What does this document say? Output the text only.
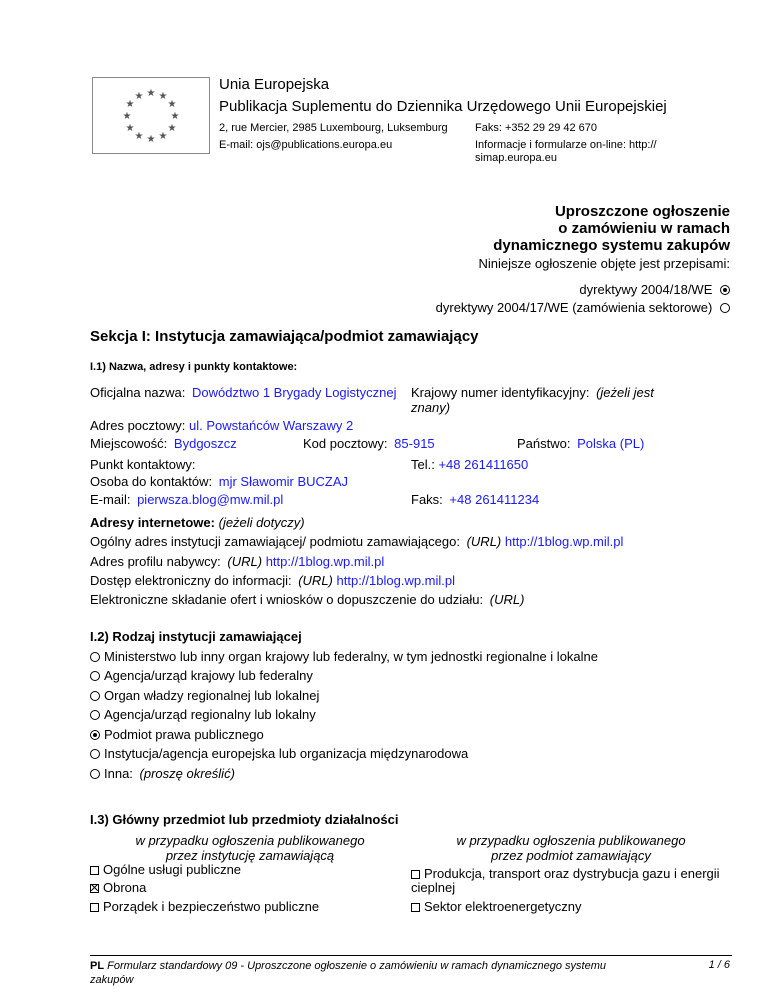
★ ★
★
★
★
★
★
★
★
★
★
★
Unia Europejska
Publikacja Suplementu do Dziennika Urzędowego Unii Europejskiej
2, rue Mercier, 2985 Luxembourg, Luksemburg Faks: +352 29 29 42 670
E-mail: ojs@publications.europa.eu	Informacje i formularze on-line: http://
simap.europa.eu
Uproszczone ogłoszenie
o zamówieniu w ramach
dynamicznego systemu zakupów
Niniejsze ogłoszenie objęte jest przepisami:
dyrektywy 2004/18/WE
dyrektywy 2004/17/WE (zamówienia sektorowe)
Sekcja I: Instytucja zamawiająca/podmiot zamawiający
I.1) Nazwa, adresy i punkty kontaktowe:
Oficjalna nazwa: Dowództwo 1 Brygady Logistycznej Krajowy numer identyfikacyjny: (jeżeli jest
znany)
Adres pocztowy: ul. Powstańców Warszawy 2
Miejscowość: Bydgoszcz	Kod pocztowy: 85-915	Państwo: Polska (PL)
Punkt kontaktowy:	Tel.: +48 261411650
Osoba do kontaktów: mjr Sławomir BUCZAJ
E-mail: pierwsza.blog@mw.mil.pl	Faks: +48 261411234
Adresy internetowe: (jeżeli dotyczy)
Ogólny adres instytucji zamawiającej/ podmiotu zamawiającego: (URL) http://1blog.wp.mil.pl
Adres profilu nabywcy: (URL) http://1blog.wp.mil.pl
Dostęp elektroniczny do informacji: (URL) http://1blog.wp.mil.pl
Elektroniczne składanie ofert i wniosków o dopuszczenie do udziału: (URL)
I.2) Rodzaj instytucji zamawiającej
Ministerstwo lub inny organ krajowy lub federalny, w tym jednostki regionalne i lokalne
Agencja/urząd krajowy lub federalny
Organ władzy regionalnej lub lokalnej
Agencja/urząd regionalny lub lokalny
Podmiot prawa publicznego
Instytucja/agencja europejska lub organizacja międzynarodowa
Inna: (proszę określić)
I.3) Główny przedmiot lub przedmioty działalności
w przypadku ogłoszenia publikowanego
przez instytucję zamawiającą
w przypadku ogłoszenia publikowanego
przez podmiot zamawiający
Ogólne usługi publiczne
Obrona
Porządek i bezpieczeństwo publiczne
Produkcja, transport oraz dystrybucja gazu i energii
cieplnej
Sektor elektroenergetyczny
PL Formularz standardowy 09 - Uproszczone ogłoszenie o zamówieniu w ramach dynamicznego systemu
zakupów
1 / 6
